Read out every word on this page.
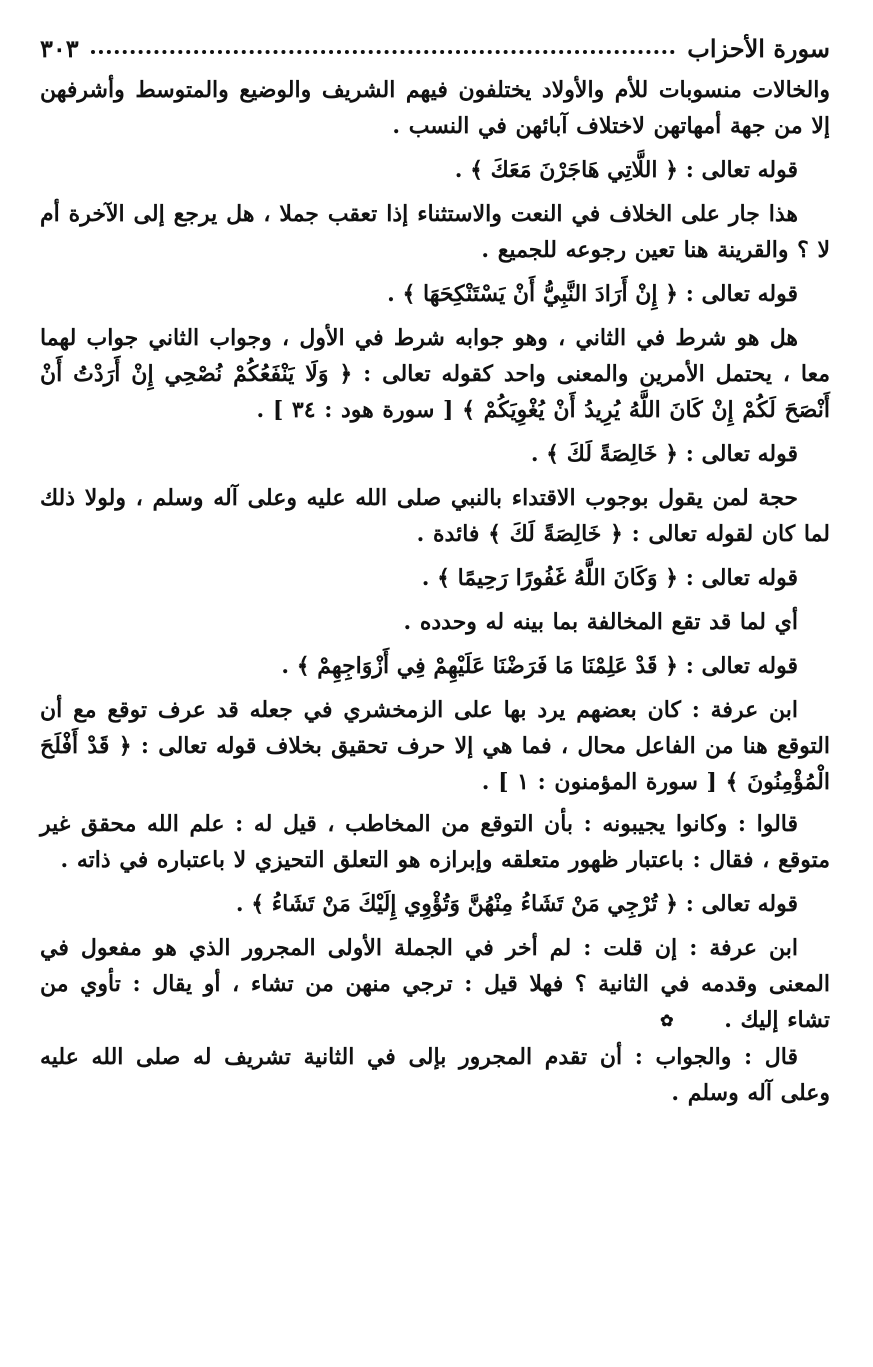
سورة الأحزاب
٣٠٣

والخالات منسوبات للأم والأولاد يختلفون فيهم الشريف والوضيع والمتوسط وأشرفهن إلا من جهة أمهاتهن لاختلاف آبائهن في النسب .

قوله تعالى : ﴿ اللَّاتِي هَاجَرْنَ مَعَكَ ﴾ .

هذا جار على الخلاف في النعت والاستثناء إذا تعقب جملا ، هل يرجع إلى الآخرة أم لا ؟ والقرينة هنا تعين رجوعه للجميع .

قوله تعالى : ﴿ إِنْ أَرَادَ النَّبِيُّ أَنْ يَسْتَنْكِحَهَا ﴾ .

هل هو شرط في الثاني ، وهو جوابه شرط في الأول ، وجواب الثاني جواب لهما معا ، يحتمل الأمرين والمعنى واحد كقوله تعالى : ﴿ وَلَا يَنْفَعُكُمْ نُصْحِي إِنْ أَرَدْتُ أَنْ أَنْصَحَ لَكُمْ إِنْ كَانَ اللَّهُ يُرِيدُ أَنْ يُغْوِيَكُمْ ﴾ [ سورة هود : ٣٤ ] .

قوله تعالى : ﴿ خَالِصَةً لَكَ ﴾ .

حجة لمن يقول بوجوب الاقتداء بالنبي صلى الله عليه وعلى آله وسلم ، ولولا ذلك لما كان لقوله تعالى : ﴿ خَالِصَةً لَكَ ﴾ فائدة .

قوله تعالى : ﴿ وَكَانَ اللَّهُ غَفُورًا رَحِيمًا ﴾ .

أي لما قد تقع المخالفة بما بينه له وحدده .

قوله تعالى : ﴿ قَدْ عَلِمْنَا مَا فَرَضْنَا عَلَيْهِمْ فِي أَزْوَاجِهِمْ ﴾ .

ابن عرفة : كان بعضهم يرد بها على الزمخشري في جعله قد عرف توقع مع أن التوقع هنا من الفاعل محال ، فما هي إلا حرف تحقيق بخلاف قوله تعالى : ﴿ قَدْ أَفْلَحَ الْمُؤْمِنُونَ ﴾ [ سورة المؤمنون : ١ ] .

قالوا : وكانوا يجيبونه : بأن التوقع من المخاطب ، قيل له : علم الله محقق غير متوقع ، فقال : باعتبار ظهور متعلقه وإبرازه هو التعلق التحيزي لا باعتباره في ذاته .

قوله تعالى : ﴿ تُرْجِي مَنْ تَشَاءُ مِنْهُنَّ وَتُؤْوِي إِلَيْكَ مَنْ تَشَاءُ ﴾ .

ابن عرفة : إن قلت : لم أخر في الجملة الأولى المجرور الذي هو مفعول في المعنى وقدمه في الثانية ؟ فهلا قيل : ترجي منهن من تشاء ، أو يقال : تأوي من تشاء إليك . ✿

قال : والجواب : أن تقدم المجرور بإلى في الثانية تشريف له صلى الله عليه وعلى آله وسلم .
